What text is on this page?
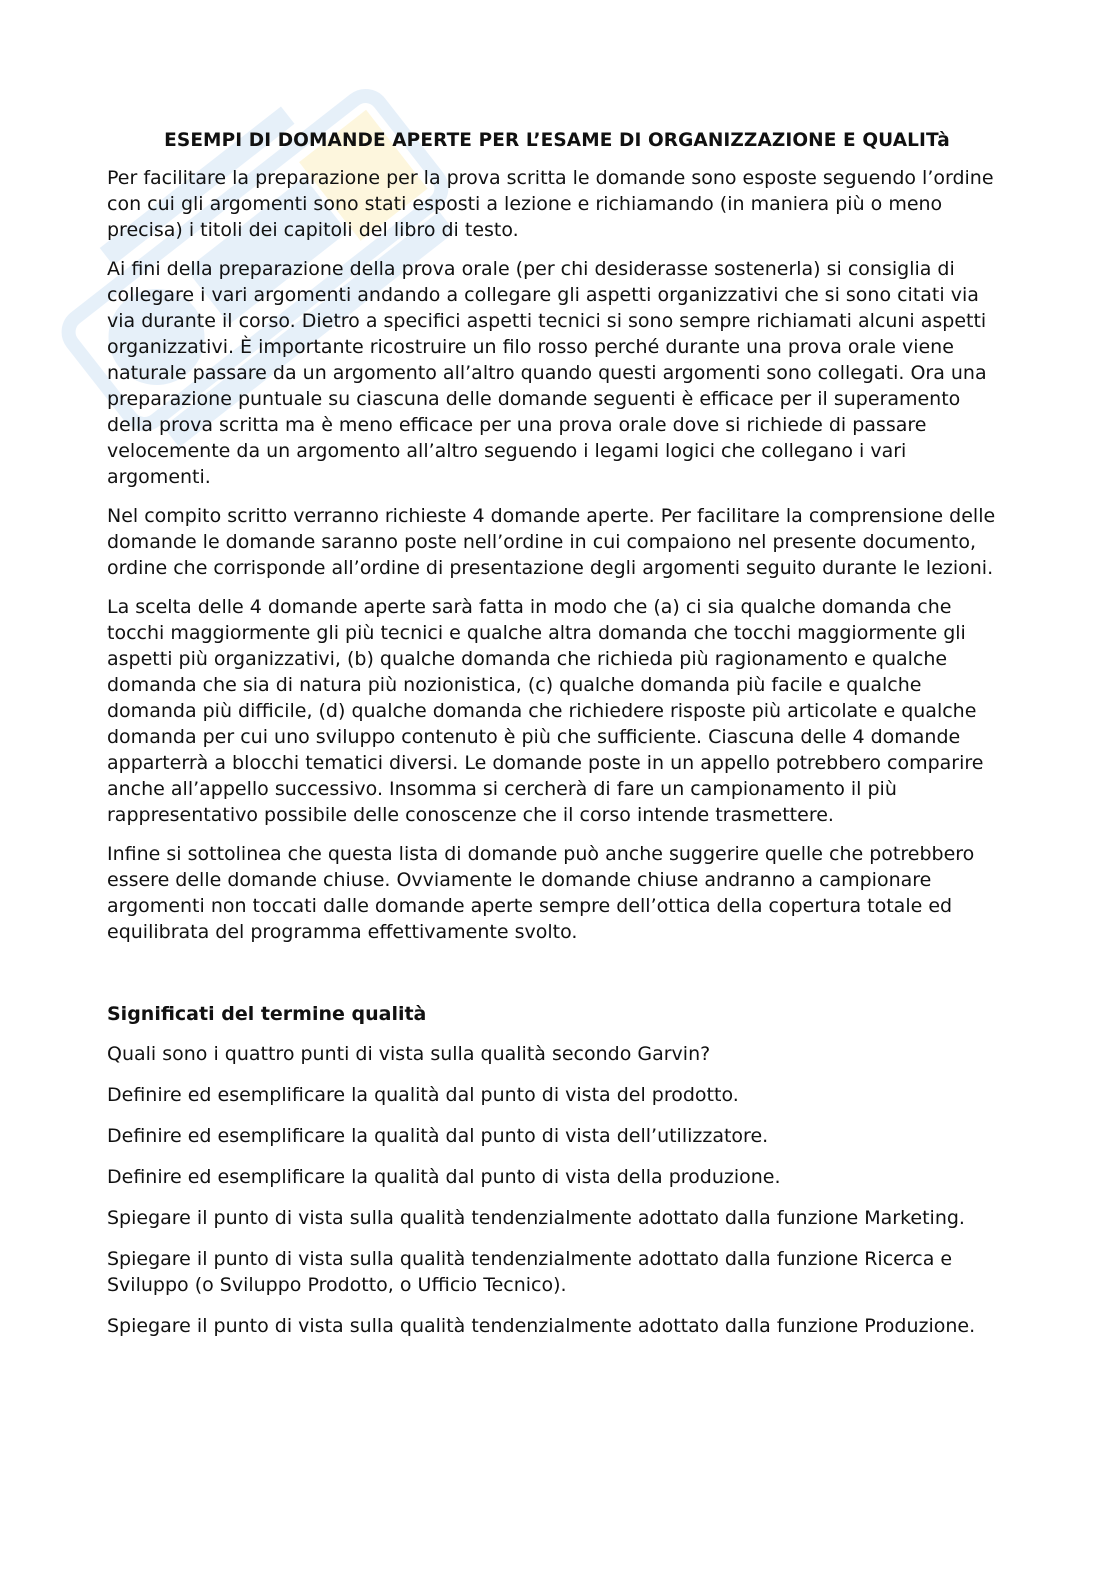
ESEMPI DI DOMANDE APERTE PER L’ESAME DI ORGANIZZAZIONE E QUALITà

Per facilitare la preparazione per la prova scritta le domande sono esposte seguendo l’ordine con cui gli argomenti sono stati esposti a lezione e richiamando (in maniera più o meno precisa) i titoli dei capitoli del libro di testo.

Ai fini della preparazione della prova orale (per chi desiderasse sostenerla) si consiglia di collegare i vari argomenti andando a collegare gli aspetti organizzativi che si sono citati via via durante il corso. Dietro a specifici aspetti tecnici si sono sempre richiamati alcuni aspetti organizzativi. È importante ricostruire un filo rosso perché durante una prova orale viene naturale passare da un argomento all’altro quando questi argomenti sono collegati. Ora una preparazione puntuale su ciascuna delle domande seguenti è efficace per il superamento della prova scritta ma è meno efficace per una prova orale dove si richiede di passare velocemente da un argomento all’altro seguendo i legami logici che collegano i vari argomenti.

Nel compito scritto verranno richieste 4 domande aperte. Per facilitare la comprensione delle domande le domande saranno poste nell’ordine in cui compaiono nel presente documento, ordine che corrisponde all’ordine di presentazione degli argomenti seguito durante le lezioni.

La scelta delle 4 domande aperte sarà fatta in modo che (a) ci sia qualche domanda che tocchi maggiormente gli più tecnici e qualche altra domanda che tocchi maggiormente gli aspetti più organizzativi, (b) qualche domanda che richieda più ragionamento e qualche domanda che sia di natura più nozionistica, (c) qualche domanda più facile e qualche domanda più difficile, (d) qualche domanda che richiedere risposte più articolate e qualche domanda per cui uno sviluppo contenuto è più che sufficiente. Ciascuna delle 4 domande apparterrà a blocchi tematici diversi. Le domande poste in un appello potrebbero comparire anche all’appello successivo. Insomma si cercherà di fare un campionamento il più rappresentativo possibile delle conoscenze che il corso intende trasmettere.

Infine si sottolinea che questa lista di domande può anche suggerire quelle che potrebbero essere delle domande chiuse. Ovviamente le domande chiuse andranno a campionare argomenti non toccati dalle domande aperte sempre dell’ottica della copertura totale ed equilibrata del programma effettivamente svolto.

Significati del termine qualità

Quali sono i quattro punti di vista sulla qualità secondo Garvin?

Definire ed esemplificare la qualità dal punto di vista del prodotto.

Definire ed esemplificare la qualità dal punto di vista dell’utilizzatore.

Definire ed esemplificare la qualità dal punto di vista della produzione.

Spiegare il punto di vista sulla qualità tendenzialmente adottato dalla funzione Marketing.

Spiegare il punto di vista sulla qualità tendenzialmente adottato dalla funzione Ricerca e Sviluppo (o Sviluppo Prodotto, o Ufficio Tecnico).

Spiegare il punto di vista sulla qualità tendenzialmente adottato dalla funzione Produzione.
